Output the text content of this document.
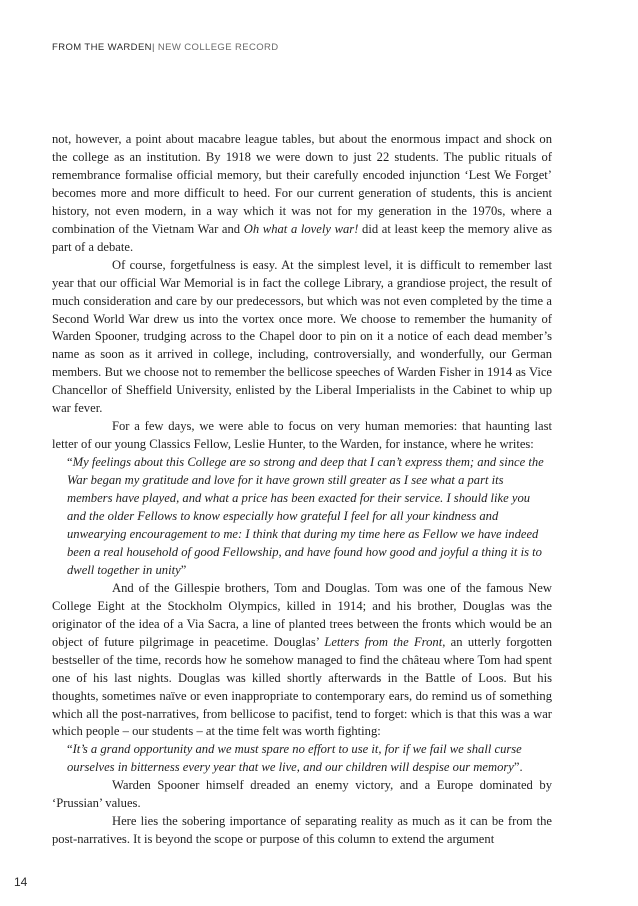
FROM THE WARDEN| NEW COLLEGE RECORD

not, however, a point about macabre league tables, but about the enormous impact and shock on the college as an institution. By 1918 we were down to just 22 students. The public rituals of remembrance formalise official memory, but their carefully encoded injunction ‘Lest We Forget’ becomes more and more difficult to heed. For our current generation of students, this is ancient history, not even modern, in a way which it was not for my generation in the 1970s, where a combination of the Vietnam War and Oh what a lovely war! did at least keep the memory alive as part of a debate.

Of course, forgetfulness is easy. At the simplest level, it is difficult to remember last year that our official War Memorial is in fact the college Library, a grandiose project, the result of much consideration and care by our predecessors, but which was not even completed by the time a Second World War drew us into the vortex once more. We choose to remember the humanity of Warden Spooner, trudging across to the Chapel door to pin on it a notice of each dead member’s name as soon as it arrived in college, including, controversially, and wonderfully, our German members. But we choose not to remember the bellicose speeches of Warden Fisher in 1914 as Vice Chancellor of Sheffield University, enlisted by the Liberal Imperialists in the Cabinet to whip up war fever.

For a few days, we were able to focus on very human memories: that haunting last letter of our young Classics Fellow, Leslie Hunter, to the Warden, for instance, where he writes:

“My feelings about this College are so strong and deep that I can’t express them; and since the War began my gratitude and love for it have grown still greater as I see what a part its members have played, and what a price has been exacted for their service. I should like you and the older Fellows to know especially how grateful I feel for all your kindness and unwearying encouragement to me: I think that during my time here as Fellow we have indeed been a real household of good Fellowship, and have found how good and joyful a thing it is to dwell together in unity”

And of the Gillespie brothers, Tom and Douglas. Tom was one of the famous New College Eight at the Stockholm Olympics, killed in 1914; and his brother, Douglas was the originator of the idea of a Via Sacra, a line of planted trees between the fronts which would be an object of future pilgrimage in peacetime. Douglas’ Letters from the Front, an utterly forgotten bestseller of the time, records how he somehow managed to find the château where Tom had spent one of his last nights. Douglas was killed shortly afterwards in the Battle of Loos. But his thoughts, sometimes naïve or even inappropriate to contemporary ears, do remind us of something which all the post-narratives, from bellicose to pacifist, tend to forget: which is that this was a war which people – our students – at the time felt was worth fighting:

“It’s a grand opportunity and we must spare no effort to use it, for if we fail we shall curse ourselves in bitterness every year that we live, and our children will despise our memory”.

Warden Spooner himself dreaded an enemy victory, and a Europe dominated by ‘Prussian’ values.

Here lies the sobering importance of separating reality as much as it can be from the post-narratives. It is beyond the scope or purpose of this column to extend the argument

14
